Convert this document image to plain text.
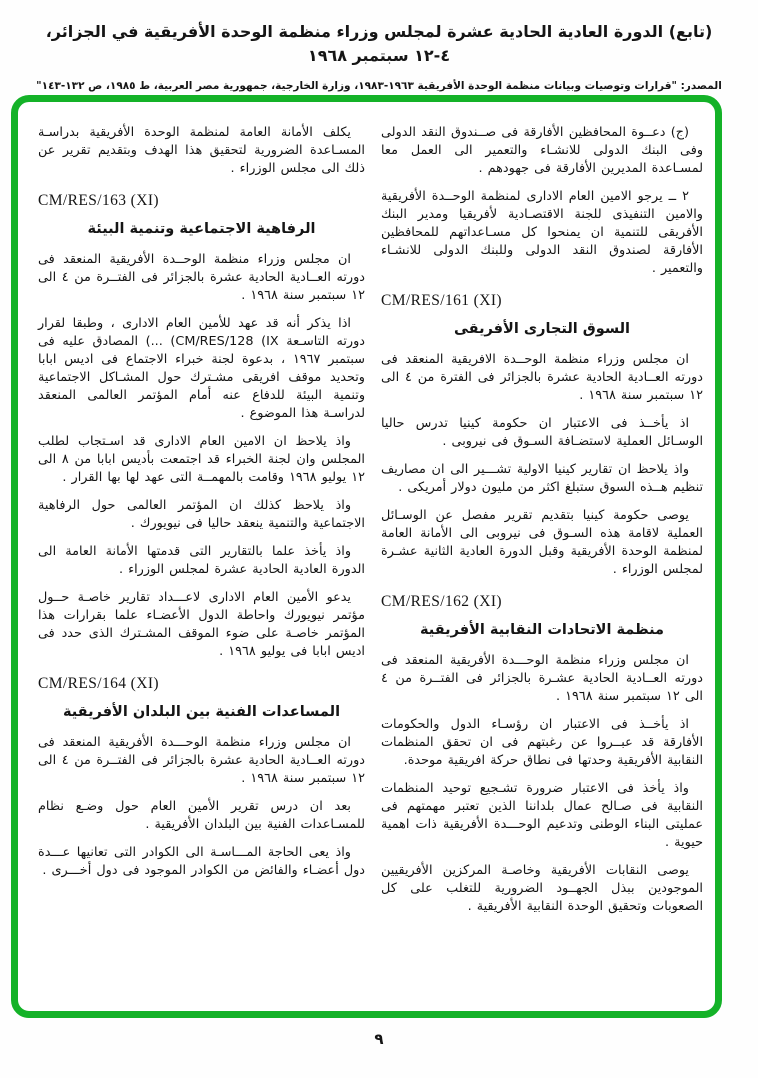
(تابع) الدورة العادية الحادية عشرة لمجلس وزراء منظمة الوحدة الأفريقية في الجزائر، ٤-١٢ سبتمبر ١٩٦٨
المصدر: "قرارات وتوصيات وبيانات منظمة الوحدة الأفريقية ١٩٦٣-١٩٨٣، وزارة الخارجية، جمهورية مصر العربية، ط ١٩٨٥، ص ١٣٢-١٤٣"
(ج) دعــوة المحافظين الأفارقة فى صــندوق النقد الدولى وفى البنك الدولى للانشـاء والتعمير الى العمل معا لمسـاعدة المديرين الأفارقة فى جهودهم .
٢ ــ يرجو الامين العام الادارى لمنظمة الوحــدة الأفريقية والامين التنفيذى للجنة الاقتصـادية لأفريقيا ومدير البنك الأفريقى للتنمية ان يمنحوا كل مسـاعداتهم للمحافظين الأفارقة لصندوق النقد الدولى وللبنك الدولى للانشـاء والتعمير .
CM/RES/161 (XI)
السوق التجارى الأفريقى
ان مجلس وزراء منظمة الوحــدة الافريقية المنعقد فى دورته العــادية الحادية عشرة بالجزائر فى الفترة من ٤ الى ١٢ سبتمبر سنة ١٩٦٨ .
اذ يأخــذ فى الاعتبار ان حكومة كينيا تدرس حاليا الوسـائل العملية لاستضـافة السـوق فى نيروبى .
واذ يلاحظ ان تقارير كينيا الاولية تشـــير الى ان مصاريف تنظيم هــذه السوق ستبلغ اكثر من مليون دولار أمريكى .
يوصى حكومة كينيا بتقديم تقرير مفصل عن الوسـائل العملية لاقامة هذه السـوق فى نيروبى الى الأمانة العامة لمنظمة الوحدة الأفريقية وقبل الدورة العادية الثانية عشـرة لمجلس الوزراء .
CM/RES/162 (XI)
منظمة الاتحادات النقابية الأفريقية
ان مجلس وزراء منظمة الوحـــدة الأفريقية المنعقد فى دورته العــادية الحادية عشـرة بالجزائر فى الفتــرة من ٤ الى ١٢ سبتمبر سنة ١٩٦٨ .
اذ يأخــذ فى الاعتبار ان رؤسـاء الدول والحكومات الأفارقة قد عبــروا عن رغبتهم فى ان تحقق المنظمات النقابية الأفريقية وحدتها فى نطاق حركة افريقية موحدة.
واذ يأخذ فى الاعتبار ضرورة تشـجيع توحيد المنظمات النقابية فى صـالح عمال بلداننا الذين تعتبر مهمتهم فى عمليتى البناء الوطنى وتدعيم الوحـــدة الأفريقية ذات اهمية حيوية .
يوصى النقابات الأفريقية وخاصـة المركزين الأفريقيين الموجودين ببذل الجهــود الضرورية للتغلب على كل الصعوبات وتحقيق الوحدة النقابية الأفريقية .
يكلف الأمانة العامة لمنظمة الوحدة الأفريقية بدراسـة المسـاعدة الضرورية لتحقيق هذا الهدف وبتقديم تقرير عن ذلك الى مجلس الوزراء .
CM/RES/163 (XI)
الرفاهية الاجتماعية وتنمية البيئة
ان مجلس وزراء منظمة الوحــدة الأفريقية المنعقد فى دورته العــادية الحادية عشرة بالجزائر فى الفتــرة من ٤ الى ١٢ سبتمبر سنة ١٩٦٨ .
اذا يذكر أنه قد عهد للأمين العام الادارى ، وطبقا لقرار دورته التاسـعة ‪(... (CM/RES/128 (IX‬ المصادق عليه فى سبتمبر ١٩٦٧ ، بدعوة لجنة خبراء الاجتماع فى اديس ابابا وتحديد موقف افريقى مشـترك حول المشـاكل الاجتماعية وتنمية البيئة للدفاع عنه أمام المؤتمر العالمى المنعقد لدراسـة هذا الموضوع .
واذ يلاحظ ان الامين العام الادارى قد اسـتجاب لطلب المجلس وان لجنة الخبراء قد اجتمعت بأديس ابابا من ٨ الى ١٢ يوليو ١٩٦٨ وقامت بالمهمــة التى عهد لها بها القرار .
واذ يلاحظ كذلك ان المؤتمر العالمى حول الرفاهية الاجتماعية والتنمية ينعقد حاليا فى نيويورك .
واذ يأخذ علما بالتقارير التى قدمتها الأمانة العامة الى الدورة العادية الحادية عشرة لمجلس الوزراء .
يدعو الأمين العام الادارى لاعـــداد تقارير خاصـة حــول مؤتمر نيويورك واحاطة الدول الأعضـاء علما بقرارات هذا المؤتمر خاصـة على ضوء الموقف المشـترك الذى حدد فى اديس ابابا فى يوليو ١٩٦٨ .
CM/RES/164 (XI)
المساعدات الفنية بين البلدان الأفريقية
ان مجلس وزراء منظمة الوحـــدة الأفريقية المنعقد فى دورته العــادية الحادية عشرة بالجزائر فى الفتــرة من ٤ الى ١٢ سبتمبر سنة ١٩٦٨ .
بعد ان درس تقرير الأمين العام حول وضـع نظام للمسـاعدات الفنية بين البلدان الأفريقية .
واذ يعى الحاجة المـــاسـة الى الكوادر التى تعانيها عـــدة دول أعضـاء والفائض من الكوادر الموجود فى دول أخـــرى .
٩
